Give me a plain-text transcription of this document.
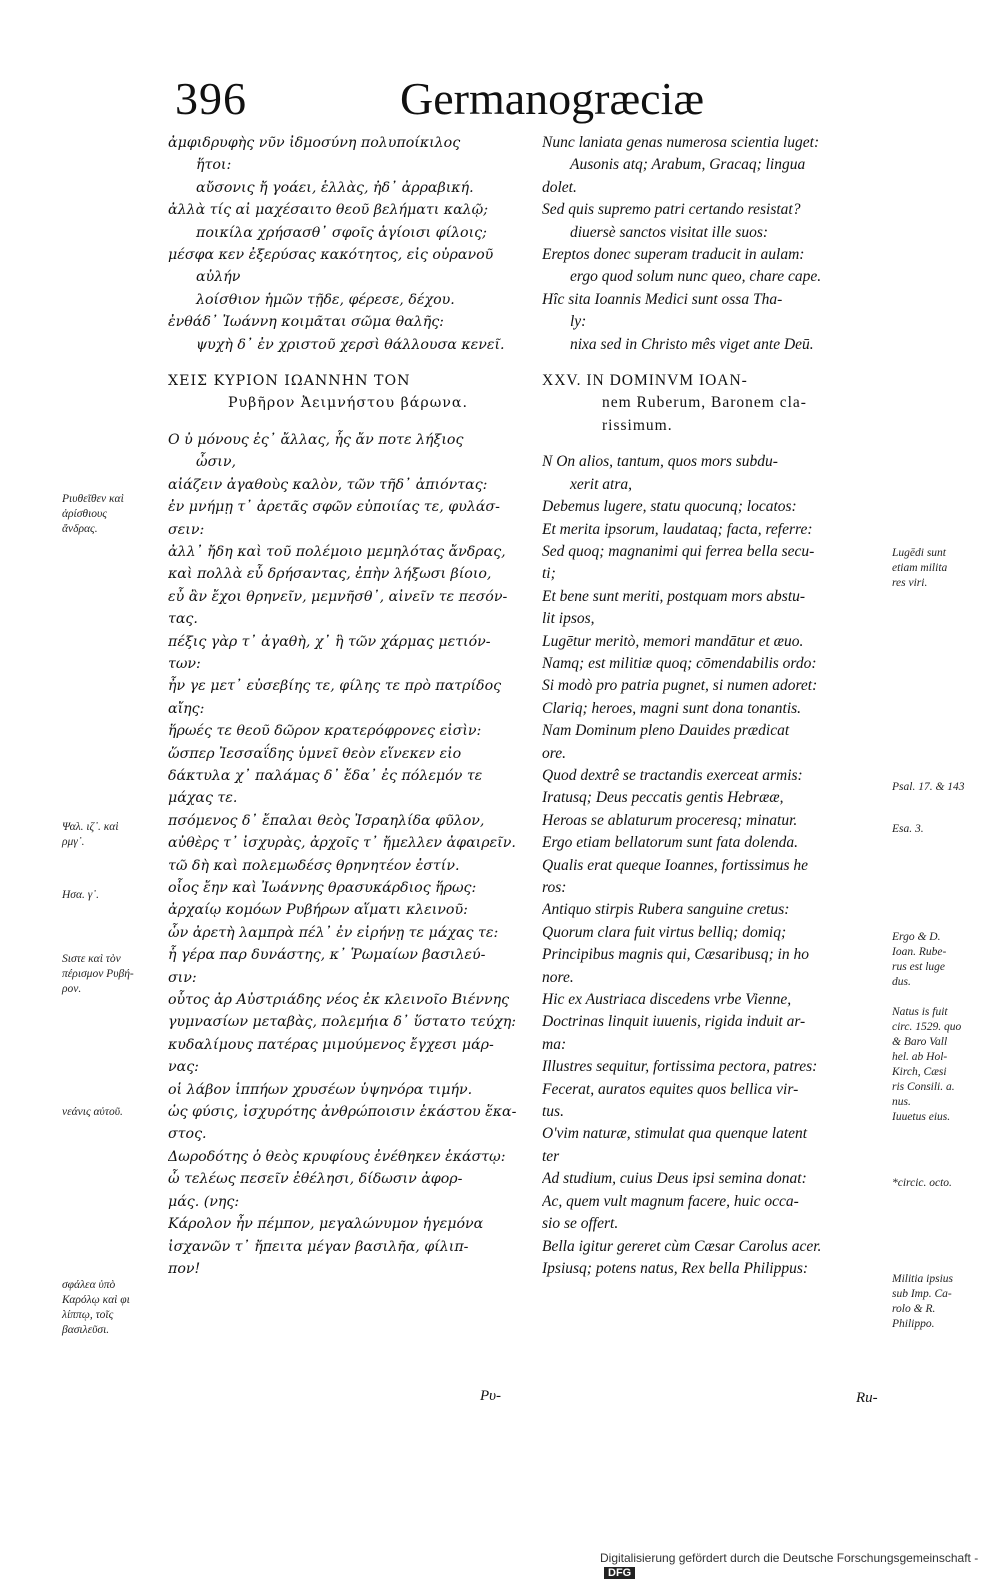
396	Germanogræciæ
ἀμφιδρυφὴς νῦν ἰδμοσύνη πολυποίκιλος
ἥτοι:
αὔσονις ἤ γοάει, ἑλλὰς, ἠδ᾽ ἀρραβική.
ἀλλὰ τίς αἰ μαχέσαιτο θεοῦ βελήματι καλῷ;
ποικίλα χρήσασθ᾽ σφοῖς ἁγίοισι φίλοις;
μέσφα κεν ἐξερύσας κακότητος, εἰς οὐρανοῦ
αὐλήν
λοίσθιον ἡμῶν τῇδε, φέρεσε, δέχου.
ἐνθάδ᾽ Ἰωάννη κοιμᾶται σῶμα θαλῆς:
ψυχὴ δ᾽ ἐν χριστοῦ χερσὶ θάλλουσα κενεῖ.
ΧΕΙΣ ΚΥΡΙΟΝ ΙΩΑΝΝΗΝ ΤΟΝ
Ρυβῆρον Ἀειμνήστου βάρωνα.
Ο ὐ μόνους ἐς᾽ ἄλλας, ἧς ἄν ποτε λήξιος
ὦσιν,
αἰάζειν ἀγαθοὺς καλὸν, τῶν τῆδ᾽ ἀπιόντας:
ἐν μνήμῃ τ᾽ ἀρετᾶς σφῶν εὐποιίας τε, φυλάσ-
σειν:
ἀλλ᾽ ἤδη καὶ τοῦ πολέμοιο μεμηλότας ἄνδρας,
καὶ πολλὰ εὖ δρήσαντας, ἐπὴν λήξωσι βίοιο,
εὖ ἂν ἔχοι θρηνεῖν, μεμνῆσθ᾽, αἰνεῖν τε πεσόν-
τας.
πέξις γὰρ τ᾽ ἀγαθὴ, χ᾽ ἣ τῶν χάρμας μετιόν-
των:
ἦν γε μετ᾽ εὐσεβίης τε, φίλης τε πρὸ πατρίδος
αἴης:
ἥρωές τε θεοῦ δῶρον κρατερόφρονες εἰσὶν:
ὥσπερ Ἰεσσαΐδης ὑμνεῖ θεὸν εἵνεκεν εἰο
δάκτυλα χ᾽ παλάμας δ᾽ ἔδα᾽ ἐς πόλεμόν τε
μάχας τε.
πσόμενος δ᾽ ἔπαλαι θεὸς Ἰσραηλίδα φῦλον,
αὐθὲρς τ᾽ ἰσχυρὰς, ἀρχοῖς τ᾽ ἤμελλεν ἀφαιρεῖν.
τῶ δὴ καὶ πολεμωδέσς θρηνητέον ἐστίν.
οἷος ἔην καὶ Ἰωάννης θρασυκάρδιος ἥρως:
ἀρχαίῳ κομόων Ρυβήρων αἵματι κλεινοῦ:
ὧν ἀρετὴ λαμπρὰ πέλ᾽ ἐν εἰρήνῃ τε μάχας τε:
ἧ γέρα παρ δυνάστης, κ᾽ Ῥωμαίων βασιλεύ-
σιν:
οὗτος ἀρ Αὐστριάδης νέος ἐκ κλεινοῖο Βιέννης
γυμνασίων μεταβὰς, πολεμήια δ᾽ ὕστατο τεύχη:
κυδαλίμους πατέρας μιμούμενος ἔγχεσι μάρ-
νας:
οἱ λάβον ἱππήων χρυσέων ὑψηνόρα τιμήν.
ὡς φύσις, ἰσχυρότης ἀνθρώποισιν ἑκάστου ἕκα-
στος.
Δωροδότης ὁ θεὸς κρυφίους ἐνέθηκεν ἑκάστῳ:
ὧ τελέως πεσεῖν ἐθέλησι, δίδωσιν ἀφορ-
μάς. (νης:
Κάρολον ἦν πέμπον, μεγαλώνυμον ἡγεμόνα
ἰσχανῶν τ᾽ ἤπειτα μέγαν βασιλῆα, φίλιπ-
πον!
Nunc laniata genas numerosa scientia luget:
Ausonis atq; Arabum, Gracaq; lingua
dolet.
Sed quis supremo patri certando resistat?
diuersè sanctos visitat ille suos:
Ereptos donec superam traducit in aulam:
ergo quod solum nunc queo, chare cape.
Hîc sita Ioannis Medici sunt ossa Tha-
ly:
nixa sed in Christo mês viget ante Deū.
XXV. IN DOMINVM IOAN-
nem Ruberum, Baronem cla-
rissimum.
N On alios, tantum, quos mors subdu-
xerit atra,
Debemus lugere, statu quocunq; locatos:
Et merita ipsorum, laudataq; facta, referre:
Sed quoq; magnanimi qui ferrea bella secu-
ti;
Et bene sunt meriti, postquam mors abstu-
lit ipsos,
Lugētur meritò, memori mandātur et æuo.
Namq; est militiæ quoq; cōmendabilis ordo:
Si modò pro patria pugnet, si numen adoret:
Clariq; heroes, magni sunt dona tonantis.
Nam Dominum pleno Dauides prædicat
ore.
Quod dextrê se tractandis exerceat armis:
Iratusq; Deus peccatis gentis Hebrææ,
Heroas se ablaturum proceresq; minatur.
Ergo etiam bellatorum sunt fata dolenda.
Qualis erat queque Ioannes, fortissimus he
ros:
Antiquo stirpis Rubera sanguine cretus:
Quorum clara fuit virtus belliq; domiq;
Principibus magnis qui, Cæsaribusq; in ho
nore.
Hic ex Austriaca discedens vrbe Vienne,
Doctrinas linquit iuuenis, rigida induit ar-
ma:
Illustres sequitur, fortissima pectora, patres:
Fecerat, auratos equites quos bellica vir-
tus.
O'vim naturæ, stimulat qua quenque latent
ter
Ad studium, cuius Deus ipsi semina donat:
Ac, quem vult magnum facere, huic occa-
sio se offert.
Bella igitur gereret cùm Cæsar Carolus acer.
Ipsiusq; potens natus, Rex bella Philippus:
Ριυθεῖθεν καὶ
ἀρίσθιους
ἄνδρας.
Ψαλ. ιζ᾽. καὶ
ρμγ᾽.
Ησα. γ᾽.
Sιστε καὶ τὸν
πέρισμον Ρυβή-
ρον.
νεάνις αὐτοῦ.
σφάλεα ὑπὸ
Καρόλῳ καὶ φι
λίππῳ, τοῖς
βασιλεῦσι.
Lugēdi sunt
etiam milita
res viri.
Psal. 17. & 143
Esa. 3.
Ergo & D.
Ioan. Rube-
rus est luge
dus.
Natus is fuit
circ. 1529. quo
& Baro Vall
hel. ab Hol-
Kirch, Cæsi
ris Consili. a.
nus.
Iuuetus eius.
*circic. octo.
Militia ipsius
sub Imp. Ca-
rolo & R.
Philippo.
Ρυ-	Ru-
Digitalisierung gefördert durch die Deutsche Forschungsgemeinschaft -DFG
